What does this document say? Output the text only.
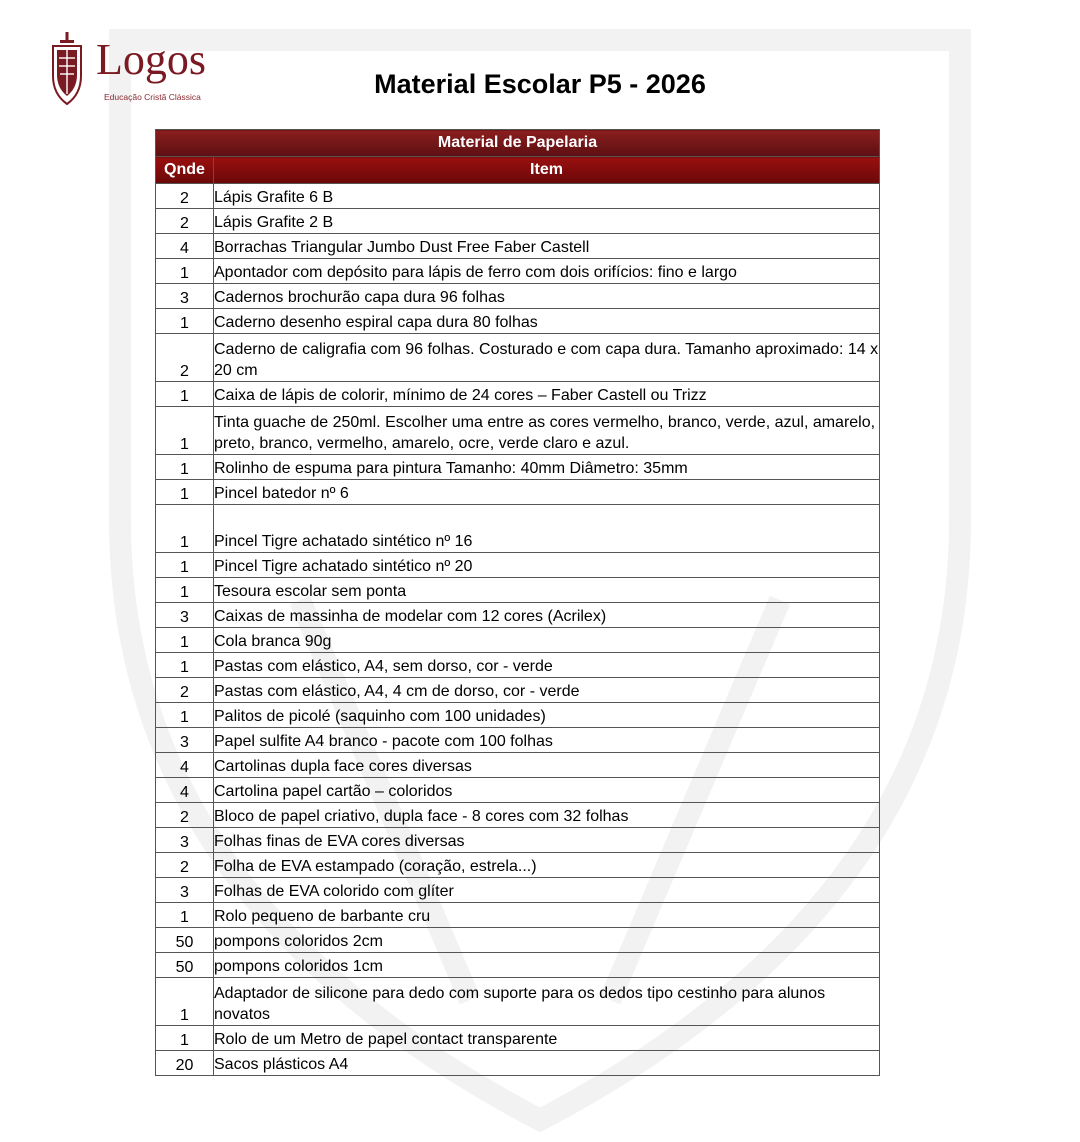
Logos
Educação Cristã Clássica	Material Escolar P5 - 2026
Material de Papelaria	
Qnde	Item
2	Lápis Grafite 6 B
2	Lápis Grafite 2 B
4	Borrachas Triangular Jumbo Dust Free Faber Castell
1	Apontador com depósito para lápis de ferro com dois orifícios: fino e largo
3	Cadernos brochurão capa dura 96 folhas
1	Caderno desenho espiral capa dura 80 folhas
2	Caderno de caligrafia com 96 folhas. Costurado e com capa dura. Tamanho aproximado: 14 x 20 cm
1	Caixa de lápis de colorir, mínimo de 24 cores – Faber Castell ou Trizz
1	Tinta guache de 250ml. Escolher uma entre as cores vermelho, branco, verde, azul, amarelo, preto, branco, vermelho, amarelo, ocre, verde claro e azul.
1	Rolinho de espuma para pintura Tamanho: 40mm Diâmetro: 35mm
1	Pincel batedor nº 6
1	Pincel Tigre achatado sintético nº 16
1	Pincel Tigre achatado sintético nº 20
1	Tesoura escolar sem ponta
3	Caixas de massinha de modelar com 12 cores (Acrilex)
1	Cola branca 90g
1	Pastas com elástico, A4, sem dorso, cor - verde
2	Pastas com elástico, A4, 4 cm de dorso, cor - verde
1	Palitos de picolé (saquinho com 100 unidades)
3	Papel sulfite A4 branco - pacote com 100 folhas
4	Cartolinas dupla face cores diversas
4	Cartolina papel cartão – coloridos
2	Bloco de papel criativo, dupla face - 8 cores com 32 folhas
3	Folhas finas de EVA cores diversas
2	Folha de EVA estampado (coração, estrela...)
3	Folhas de EVA colorido com glíter
1	Rolo pequeno de barbante cru
50	pompons coloridos 2cm
50	pompons coloridos 1cm
1	Adaptador de silicone para dedo com suporte para os dedos tipo cestinho para alunos novatos
1	Rolo de um Metro de papel contact transparente
20	Sacos plásticos A4
